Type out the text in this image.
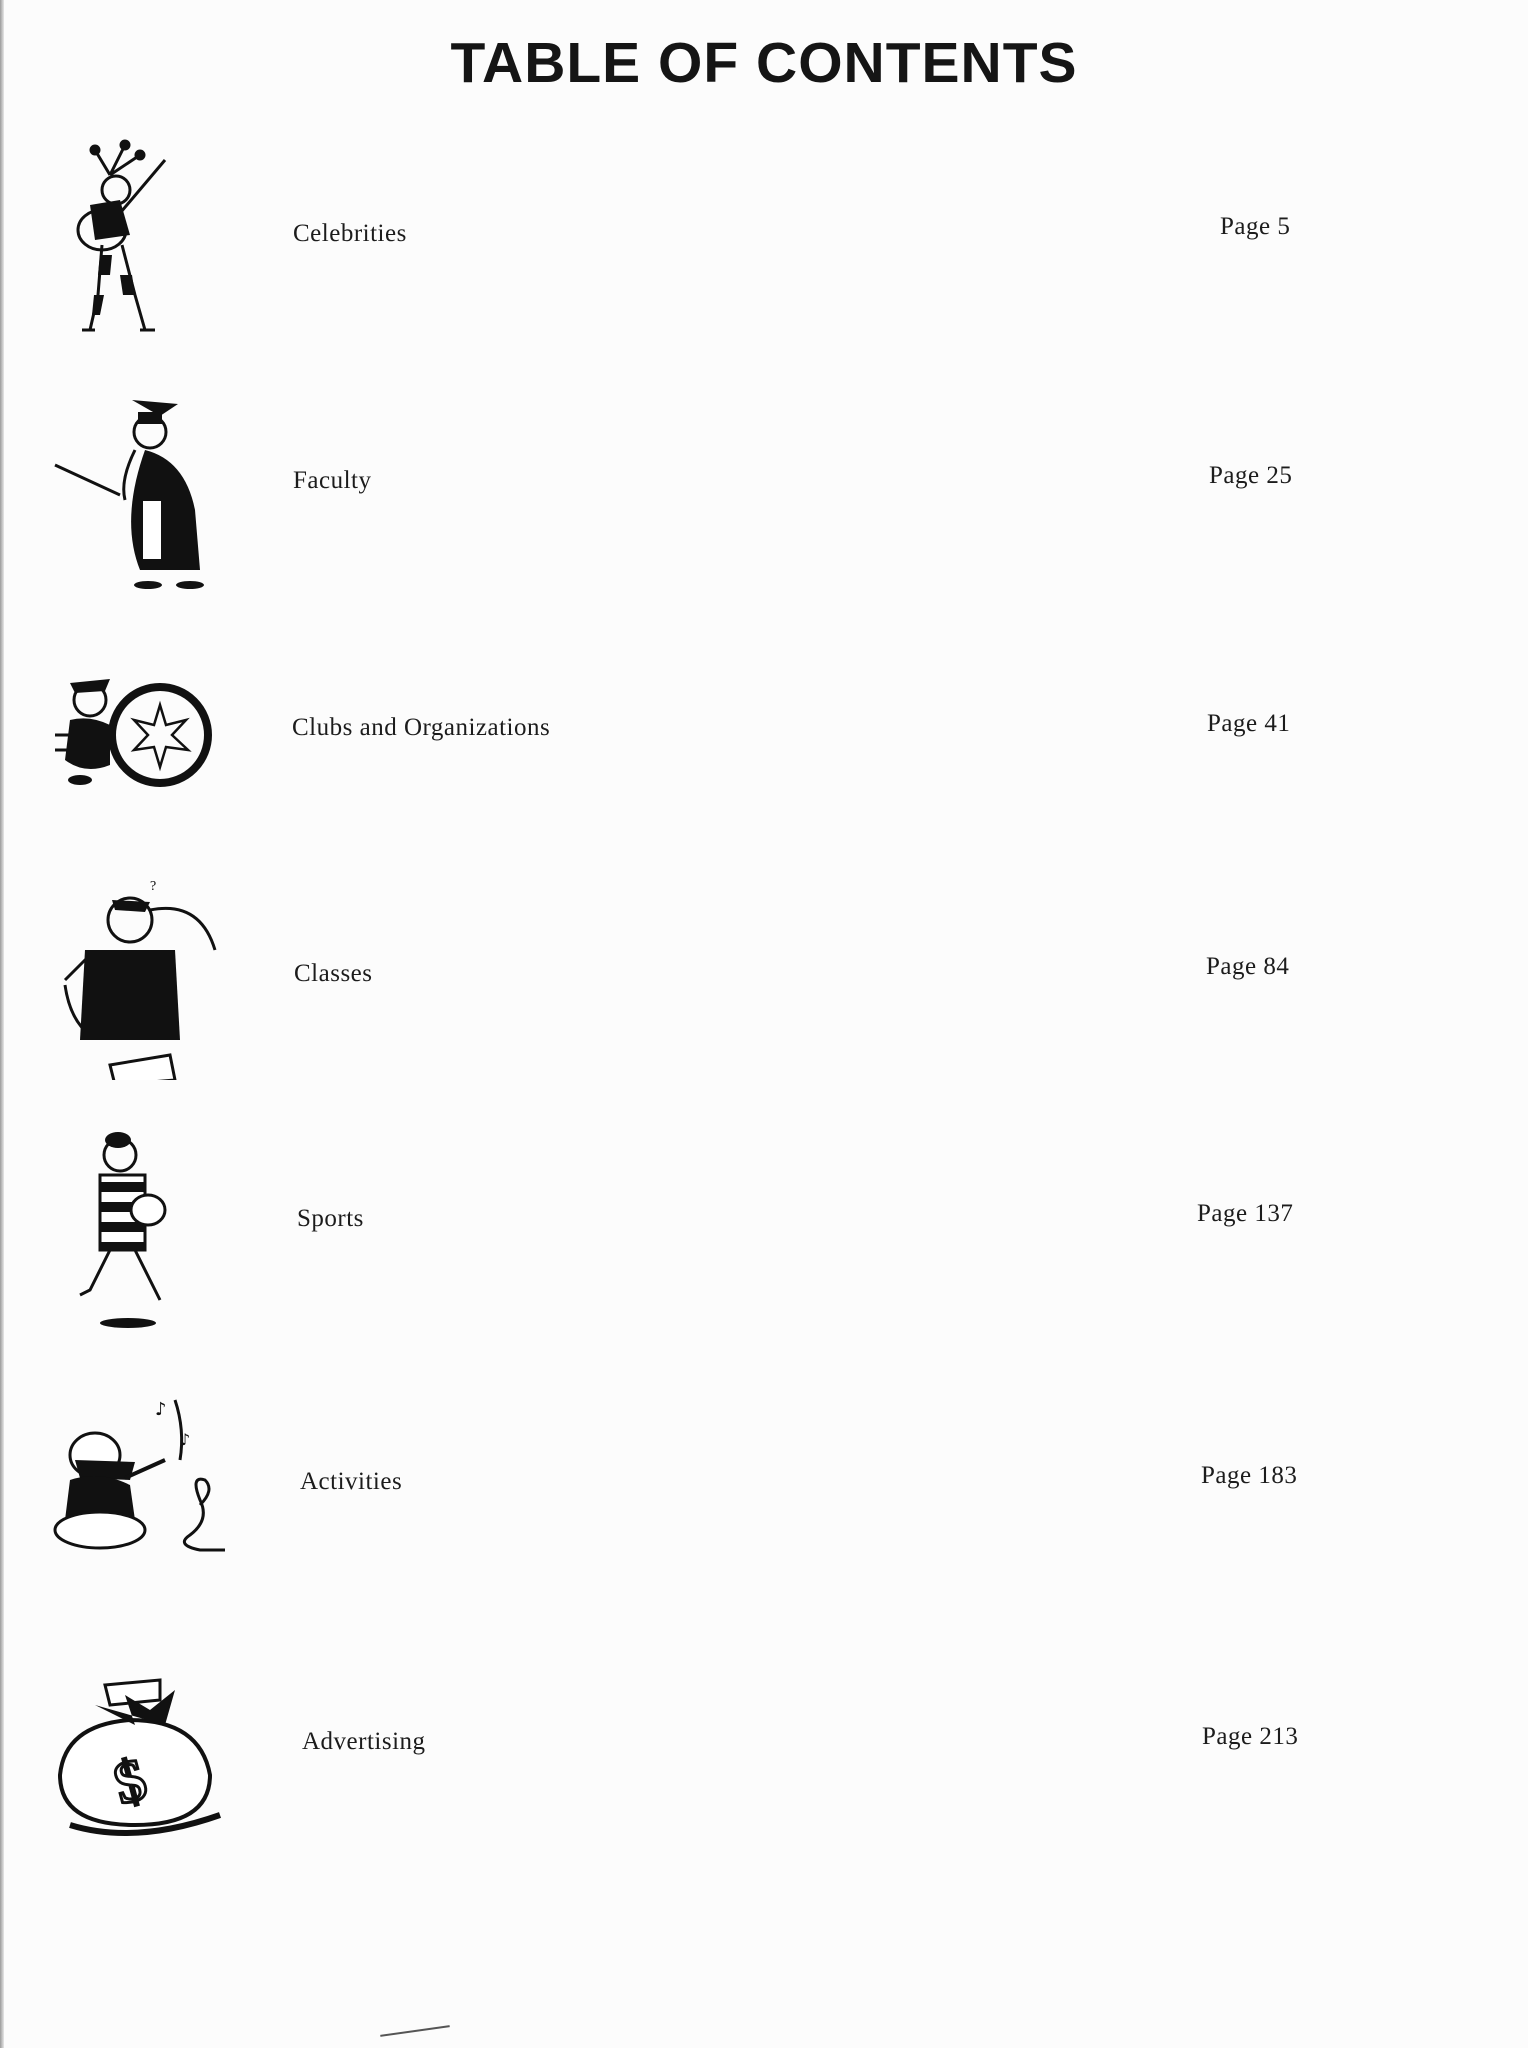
TABLE OF CONTENTS
Celebrities	Page 5
Faculty	Page 25
Clubs and Organizations	Page 41
?
Classes	Page 84
Sports	Page 137
♪
♪
Activities	Page 183
$
Advertising	Page 213
